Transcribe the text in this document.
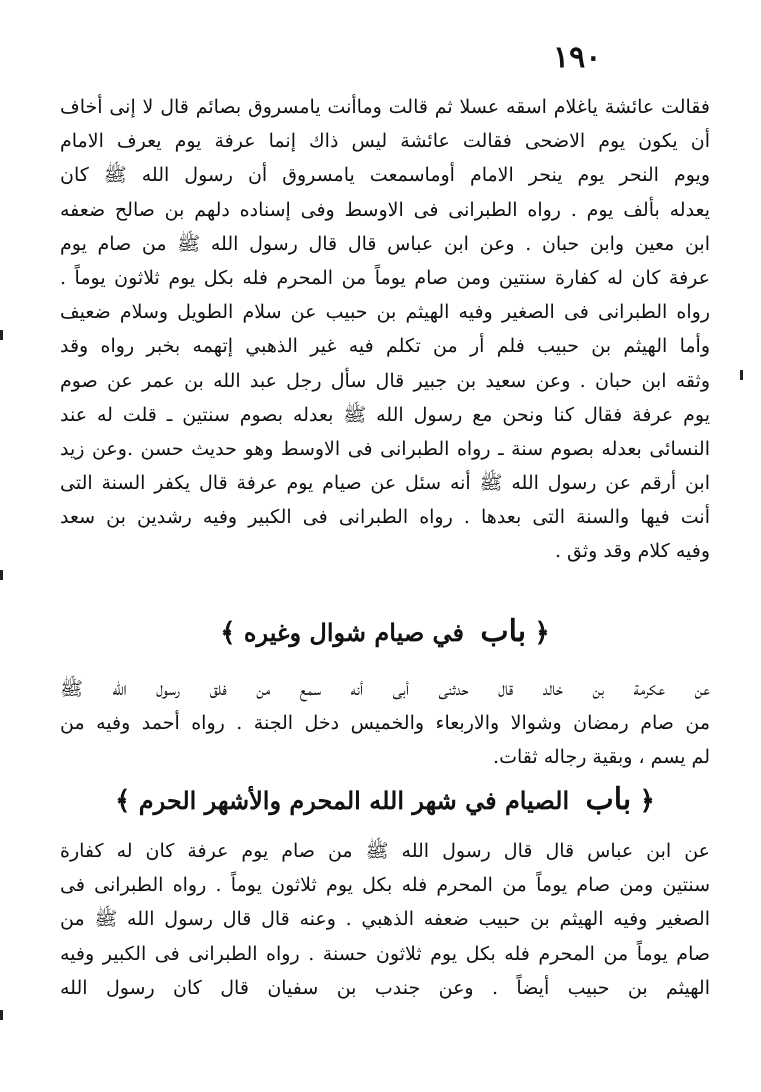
١٩٠
فقالت عائشة ياغلام اسقه عسلا ثم قالت وماأنت يامسروق بصائم قال لا إنى أخاف
أن يكون يوم الاضحى فقالت عائشة ليس ذاك إنما عرفة يوم يعرف الامام
ويوم النحر يوم ينحر الامام أوماسمعت يامسروق أن رسول الله ﷺ كان
يعدله بألف يوم . رواه الطبرانى فى الاوسط وفى إسناده دلهم بن صالح ضعفه
ابن معين وابن حبان . وعن ابن عباس قال قال رسول الله ﷺ من صام يوم
عرفة كان له كفارة سنتين ومن صام يوماً من المحرم فله بكل يوم ثلاثون يوماً .
رواه الطبرانى فى الصغير وفيه الهيثم بن حبيب عن سلام الطويل وسلام ضعيف
وأما الهيثم بن حبيب فلم أر من تكلم فيه غير الذهبي إتهمه بخبر رواه وقد
وثقه ابن حبان . وعن سعيد بن جبير قال سأل رجل عبد الله بن عمر عن صوم
يوم عرفة فقال كنا ونحن مع رسول الله ﷺ بعدله بصوم سنتين ـ قلت له عند
النسائى بعدله بصوم سنة ـ رواه الطبرانى فى الاوسط وهو حديث حسن .وعن زيد
ابن أرقم عن رسول الله ﷺ أنه سئل عن صيام يوم عرفة قال يكفر السنة التى
أنت فيها والسنة التى بعدها . رواه الطبرانى فى الكبير وفيه رشدين بن سعد
وفيه كلام وقد وثق .
﴿ باب في صيام شوال وغيره ﴾
عن عكرمة بن خالد قال حدثنى أبى أنه سمع من فلق رسول الله ﷺ
من صام رمضان وشوالا والاربعاء والخميس دخل الجنة . رواه أحمد وفيه من
لم يسم ، وبقية رجاله ثقات.
﴿ باب الصيام في شهر الله المحرم والأشهر الحرم ﴾
عن ابن عباس قال قال رسول الله ﷺ من صام يوم عرفة كان له كفارة
سنتين ومن صام يوماً من المحرم فله بكل يوم ثلاثون يوماً . رواه الطبرانى فى
الصغير وفيه الهيثم بن حبيب ضعفه الذهبي . وعنه قال قال رسول الله ﷺ من
صام يوماً من المحرم فله بكل يوم ثلاثون حسنة . رواه الطبرانى فى الكبير وفيه
الهيثم بن حبيب أيضاً . وعن جندب بن سفيان قال كان رسول الله
